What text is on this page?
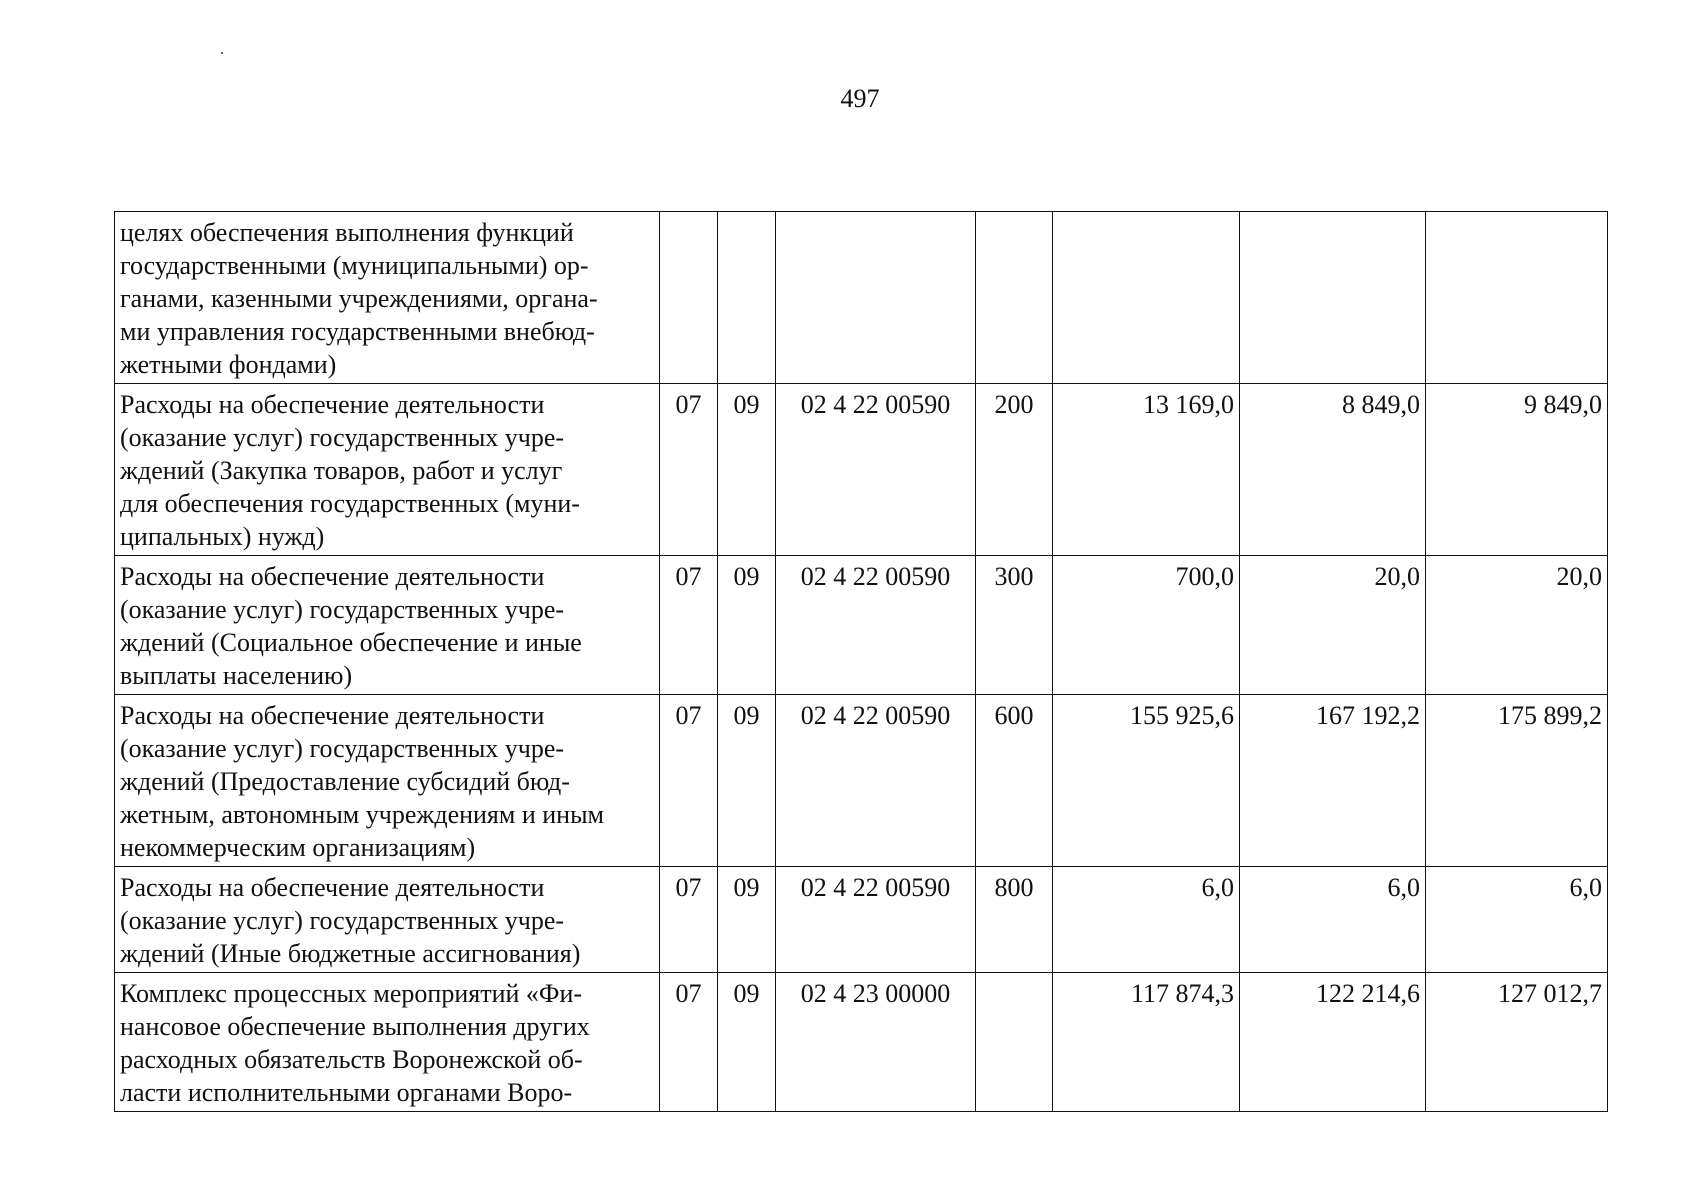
497
целях обеспечения выполнения функций
государственными (муниципальными) ор-
ганами, казенными учреждениями, органа-
ми управления государственными внебюд-
жетными фондами)							

Расходы на обеспечение деятельности
(оказание услуг) государственных учре-
ждений (Закупка товаров, работ и услуг
для обеспечения государственных (муни-
ципальных) нужд)	07	09	02 4 22 00590	200	13 169,0	8 849,0	9 849,0

Расходы на обеспечение деятельности
(оказание услуг) государственных учре-
ждений (Социальное обеспечение и иные
выплаты населению)	07	09	02 4 22 00590	300	700,0	20,0	20,0

Расходы на обеспечение деятельности
(оказание услуг) государственных учре-
ждений (Предоставление субсидий бюд-
жетным, автономным учреждениям и иным
некоммерческим организациям)	07	09	02 4 22 00590	600	155 925,6	167 192,2	175 899,2

Расходы на обеспечение деятельности
(оказание услуг) государственных учре-
ждений (Иные бюджетные ассигнования)	07	09	02 4 22 00590	800	6,0	6,0	6,0

Комплекс процессных мероприятий «Фи-
нансовое обеспечение выполнения других
расходных обязательств Воронежской об-
ласти исполнительными органами Воро-	07	09	02 4 23 00000		117 874,3	122 214,6	127 012,7
